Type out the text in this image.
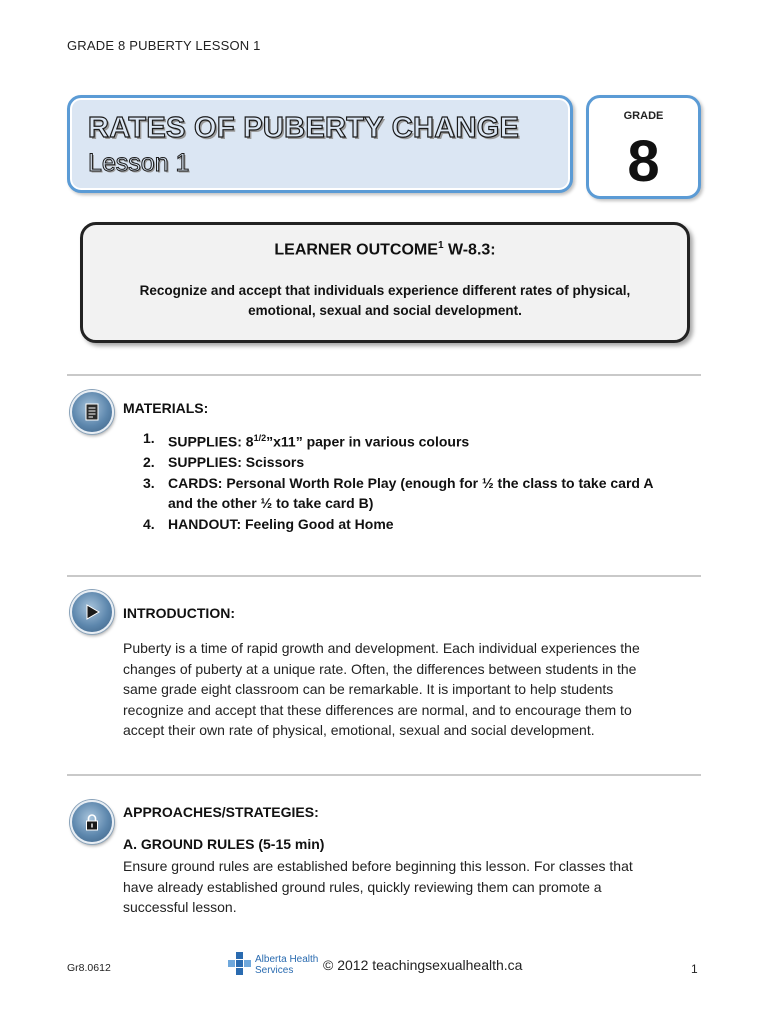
GRADE 8 PUBERTY LESSON 1
RATES OF PUBERTY CHANGE
Lesson 1
GRADE
8
LEARNER OUTCOME$^1$ W-8.3:
Recognize and accept that individuals experience different rates of physical,
emotional, sexual and social development.
MATERIALS:
1. SUPPLIES: $8^{1/2}”x11$” paper in various colours
2. SUPPLIES: Scissors
3. CARDS: Personal Worth Role Play (enough for ½ the class to take card A
and the other ½ to take card B)
4. HANDOUT: Feeling Good at Home
INTRODUCTION:
Puberty is a time of rapid growth and development. Each individual experiences the
changes of puberty at a unique rate. Often, the differences between students in the
same grade eight classroom can be remarkable. It is important to help students
recognize and accept that these differences are normal, and to encourage them to
accept their own rate of physical, emotional, sexual and social development.
APPROACHES/STRATEGIES:
A. GROUND RULES (5-15 min)
Ensure ground rules are established before beginning this lesson. For classes that
have already established ground rules, quickly reviewing them can promote a
successful lesson.
Gr8.0612
Alberta Health
Services	© 2012 teachingsexualhealth.ca	1
